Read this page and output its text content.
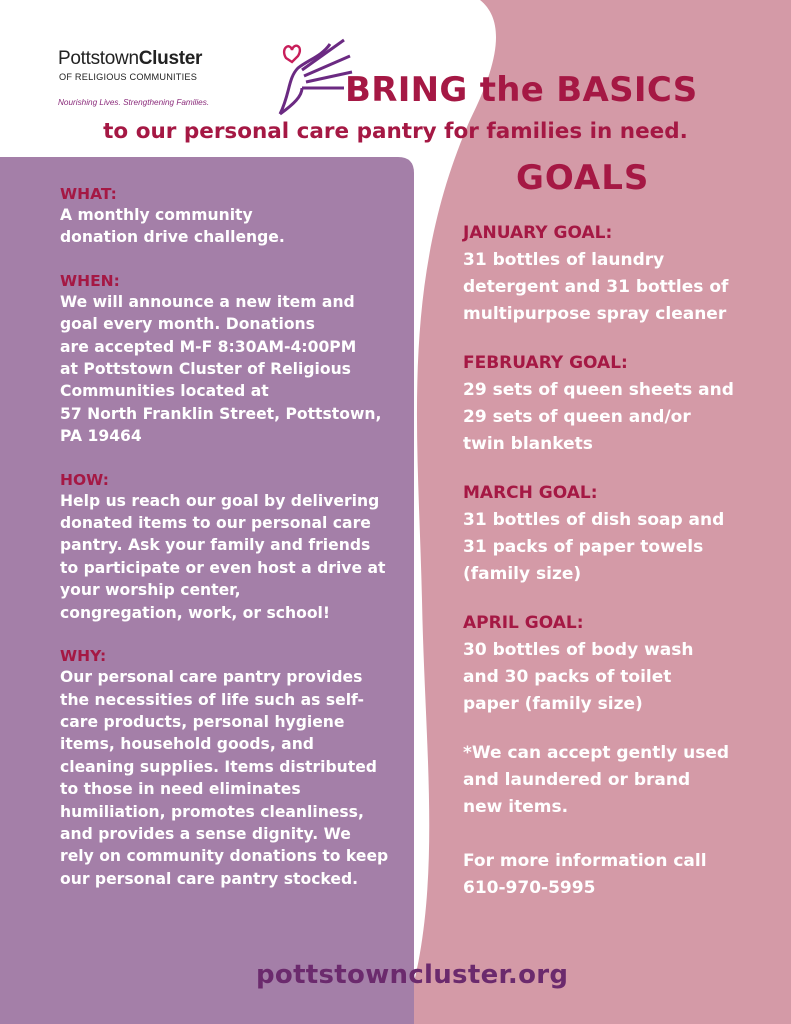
PottstownCluster
OF RELIGIOUS COMMUNITIES
Nourishing Lives. Strengthening Families.	BRING the BASICS
to our personal care pantry for families in need.

WHAT:

A monthly community
donation drive challenge.

WHEN:

We will announce a new item and
goal every month. Donations
are accepted M-F 8:30AM-4:00PM
at Pottstown Cluster of Religious
Communities located at
57 North Franklin Street, Pottstown,
PA 19464

HOW:

Help us reach our goal by delivering
donated items to our personal care
pantry. Ask your family and friends
to participate or even host a drive at
your worship center,
congregation, work, or school!

WHY:

Our personal care pantry provides
the necessities of life such as self-
care products, personal hygiene
items, household goods, and
cleaning supplies. Items distributed
to those in need eliminates
humiliation, promotes cleanliness,
and provides a sense dignity. We
rely on community donations to keep
our personal care pantry stocked.

GOALS

JANUARY GOAL:

31 bottles of laundry
detergent and 31 bottles of
multipurpose spray cleaner

FEBRUARY GOAL:

29 sets of queen sheets and
29 sets of queen and/or
twin blankets

MARCH GOAL:

31 bottles of dish soap and
31 packs of paper towels
(family size)

APRIL GOAL:

30 bottles of body wash
and 30 packs of toilet
paper (family size)

*We can accept gently used
and laundered or brand
new items.

For more information call
610-970-5995

pottstowncluster.org
